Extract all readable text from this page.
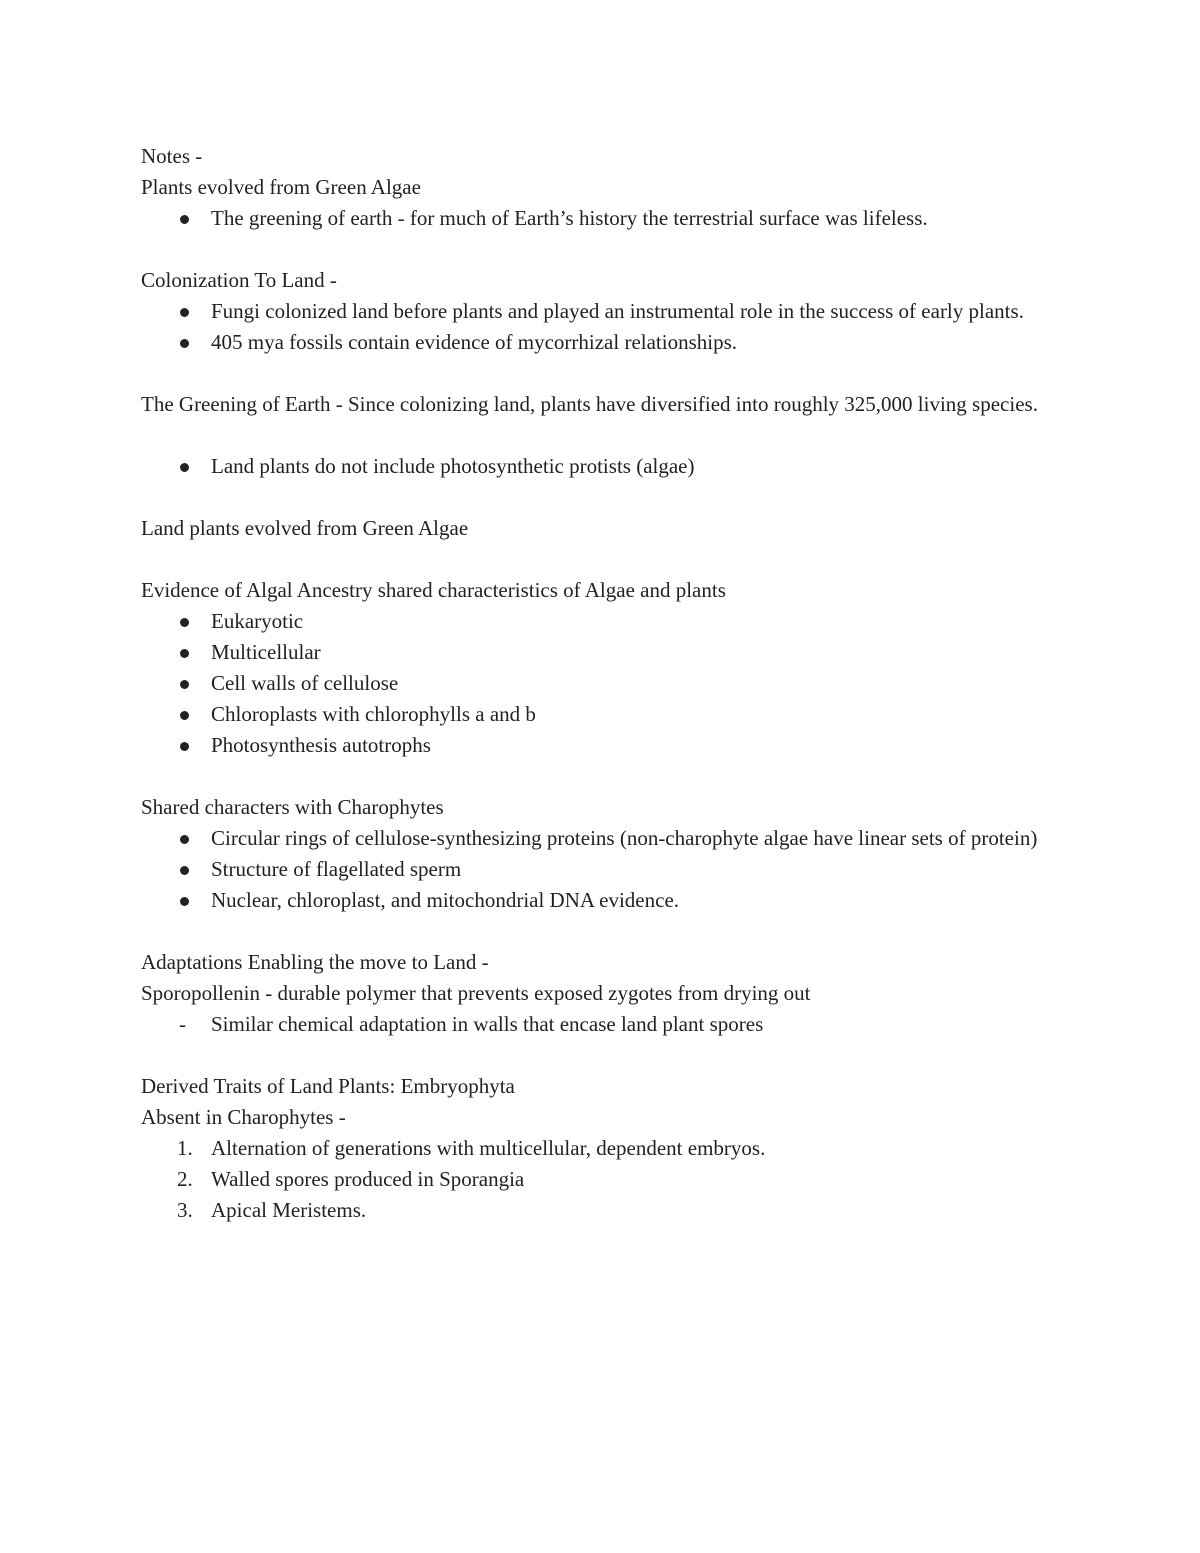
Notes -

Plants evolved from Green Algae

The greening of earth - for much of Earth’s history the terrestrial surface was lifeless.

Colonization To Land -

Fungi colonized land before plants and played an instrumental role in the success of early plants.
405 mya fossils contain evidence of mycorrhizal relationships.

The Greening of Earth - Since colonizing land, plants have diversified into roughly 325,000 living species.

Land plants do not include photosynthetic protists (algae)

Land plants evolved from Green Algae

Evidence of Algal Ancestry shared characteristics of Algae and plants

Eukaryotic
Multicellular
Cell walls of cellulose
Chloroplasts with chlorophylls a and b
Photosynthesis autotrophs

Shared characters with Charophytes

Circular rings of cellulose-synthesizing proteins (non-charophyte algae have linear sets of protein)
Structure of flagellated sperm
Nuclear, chloroplast, and mitochondrial DNA evidence.

Adaptations Enabling the move to Land -

Sporopollenin - durable polymer that prevents exposed zygotes from drying out

- Similar chemical adaptation in walls that encase land plant spores

Derived Traits of Land Plants: Embryophyta

Absent in Charophytes -

1. Alternation of generations with multicellular, dependent embryos.
2. Walled spores produced in Sporangia
3. Apical Meristems.
